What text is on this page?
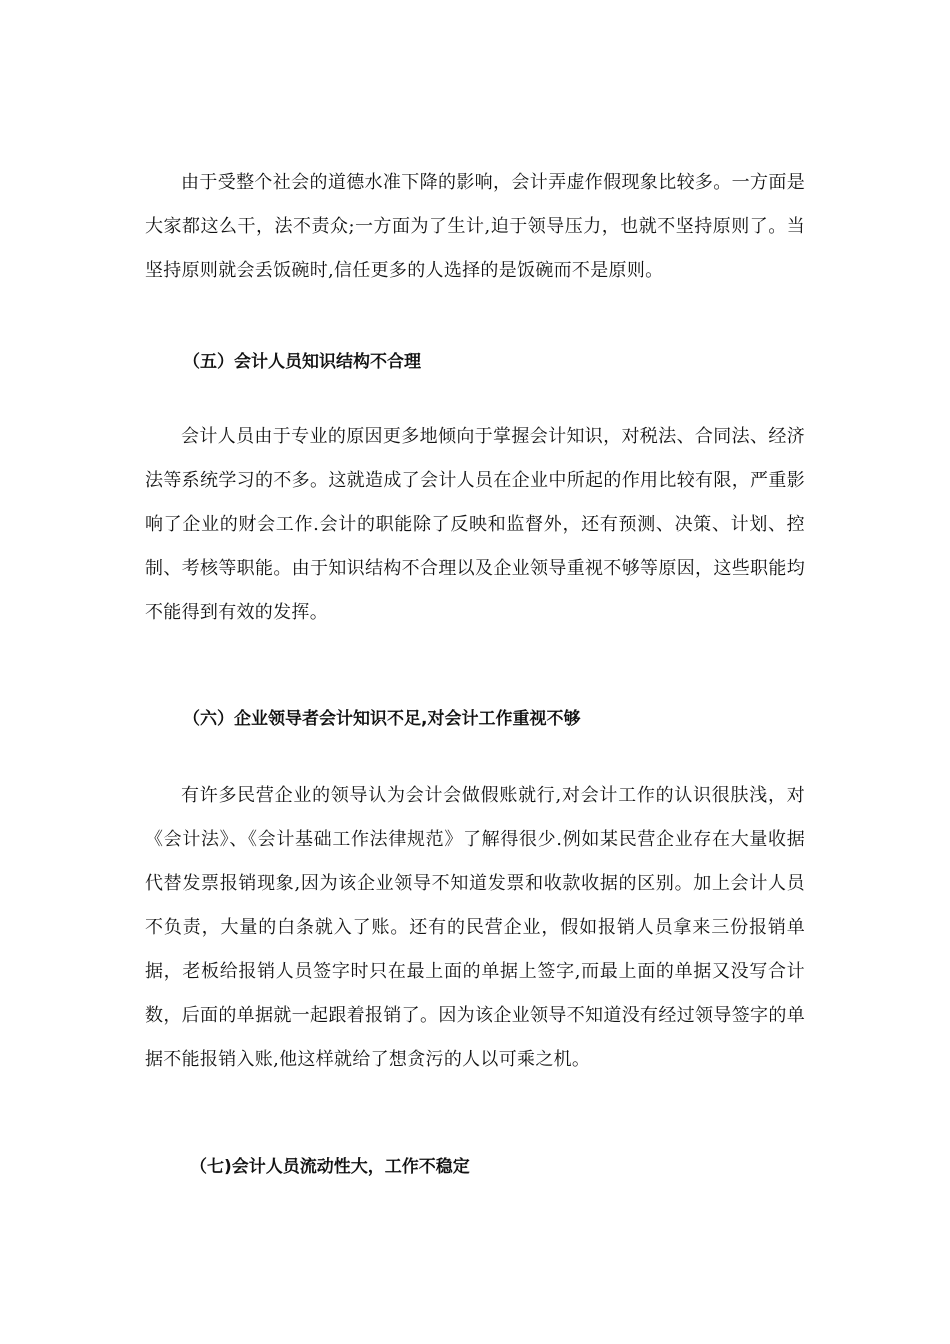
由于受整个社会的道德水准下降的影响，会计弄虚作假现象比较多。一方面是大家都这么干，法不责众;一方面为了生计,迫于领导压力，也就不坚持原则了。当坚持原则就会丢饭碗时,信任更多的人选择的是饭碗而不是原则。

（五）会计人员知识结构不合理

会计人员由于专业的原因更多地倾向于掌握会计知识，对税法、合同法、经济法等系统学习的不多。这就造成了会计人员在企业中所起的作用比较有限，严重影响了企业的财会工作.会计的职能除了反映和监督外，还有预测、决策、计划、控制、考核等职能。由于知识结构不合理以及企业领导重视不够等原因，这些职能均不能得到有效的发挥。

（六）企业领导者会计知识不足,对会计工作重视不够

有许多民营企业的领导认为会计会做假账就行,对会计工作的认识很肤浅，对《会计法》、《会计基础工作法律规范》了解得很少.例如某民营企业存在大量收据代替发票报销现象,因为该企业领导不知道发票和收款收据的区别。加上会计人员不负责，大量的白条就入了账。还有的民营企业，假如报销人员拿来三份报销单据，老板给报销人员签字时只在最上面的单据上签字,而最上面的单据又没写合计数，后面的单据就一起跟着报销了。因为该企业领导不知道没有经过领导签字的单据不能报销入账,他这样就给了想贪污的人以可乘之机。

（七)会计人员流动性大，工作不稳定
